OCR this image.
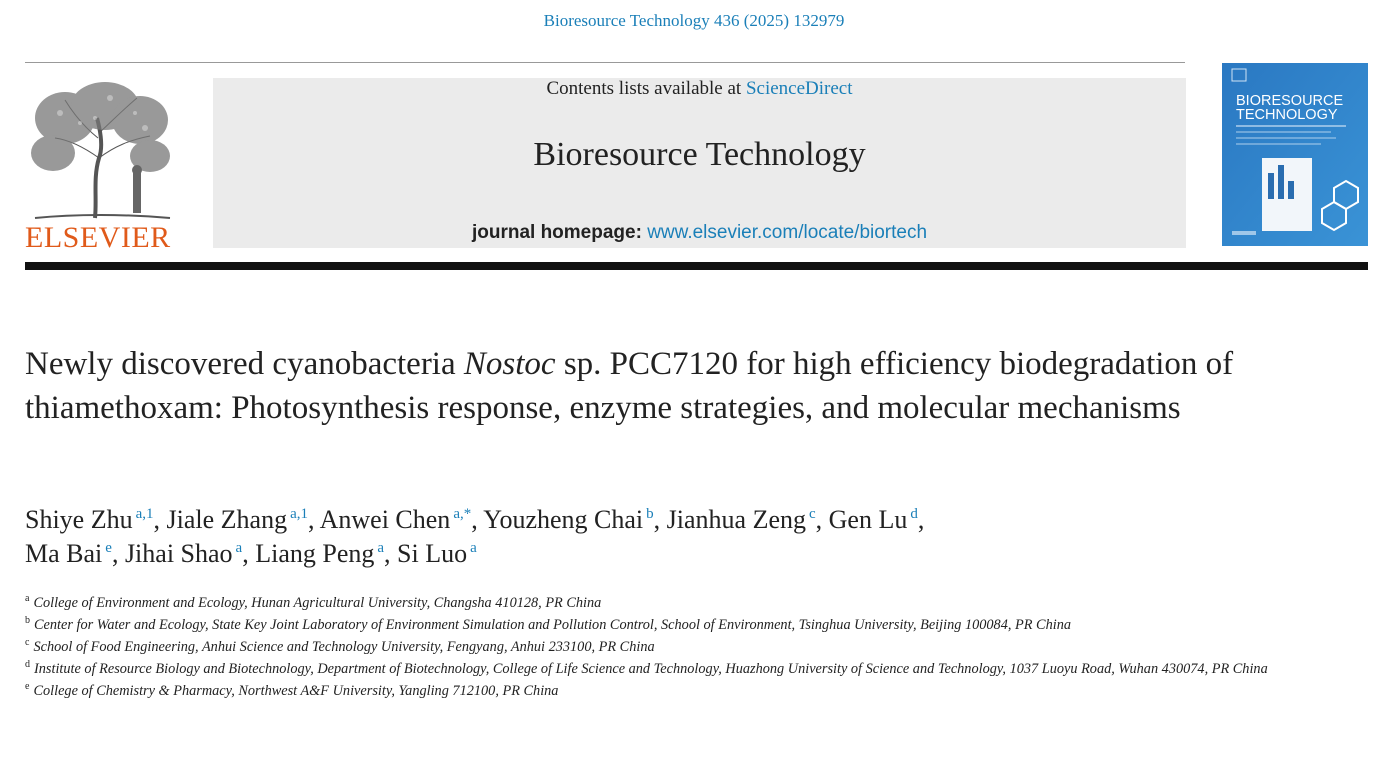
Bioresource Technology 436 (2025) 132979
ELSEVIER
Contents lists available at ScienceDirect
Bioresource Technology
journal homepage: www.elsevier.com/locate/biortech
BIORESOURCE
TECHNOLOGY
Newly discovered cyanobacteria Nostoc sp. PCC7120 for high efficiency biodegradation of thiamethoxam: Photosynthesis response, enzyme strategies, and molecular mechanisms
Shiye Zhu $^{a,1}$, Jiale Zhang $^{a,1}$, Anwei Chen $^{a,*}$, Youzheng Chai $^b$, Jianhua Zeng $^c$, Gen Lu $^d$,
Ma Bai $^e$, Jihai Shao $^a$, Liang Peng $^a$, Si Luo $^a$

$^a$ College of Environment and Ecology, Hunan Agricultural University, Changsha 410128, PR China

$^b$ Center for Water and Ecology, State Key Joint Laboratory of Environment Simulation and Pollution Control, School of Environment, Tsinghua University, Beijing 100084, PR China

$^c$ School of Food Engineering, Anhui Science and Technology University, Fengyang, Anhui 233100, PR China

$^d$ Institute of Resource Biology and Biotechnology, Department of Biotechnology, College of Life Science and Technology, Huazhong University of Science and Technology, 1037 Luoyu Road, Wuhan 430074, PR China

$^e$ College of Chemistry & Pharmacy, Northwest A&F University, Yangling 712100, PR China
